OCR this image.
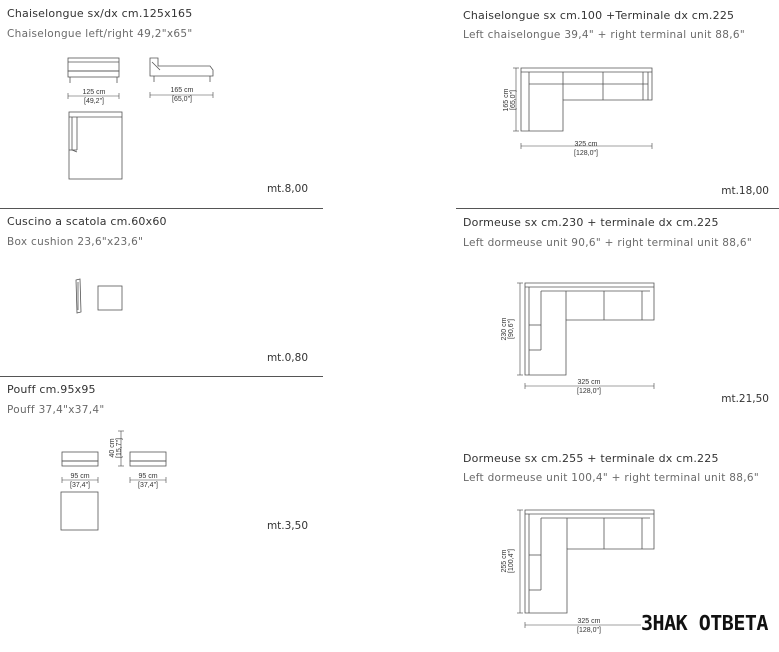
Chaiselongue sx/dx cm.125x165
Chaiselongue left/right 49,2"x65"
mt.8,00
Cuscino a scatola cm.60x60
Box cushion 23,6"x23,6"
mt.0,80
Pouff cm.95x95
Pouff 37,4"x37,4"
mt.3,50
Chaiselongue sx cm.100 +Terminale dx cm.225
Left chaiselongue 39,4" + right terminal unit 88,6"
mt.18,00
Dormeuse sx cm.230 + terminale dx cm.225
Left dormeuse unit 90,6" + right terminal unit 88,6"
mt.21,50
Dormeuse sx cm.255 + terminale dx cm.225
Left dormeuse unit 100,4" + right terminal unit 88,6"
125 cm
[49,2"]
165 cm
[65,0"]
40 cm [15,7"]
95 cm
[37,4"]
95 cm
[37,4"]
165 cm [65,0"]
325 cm
[128,0"]
230 cm [90,6"]
325 cm
[128,0"]
255 cm [100,4"]
325 cm
[128,0"] ЗНАК ОТВЕТА
